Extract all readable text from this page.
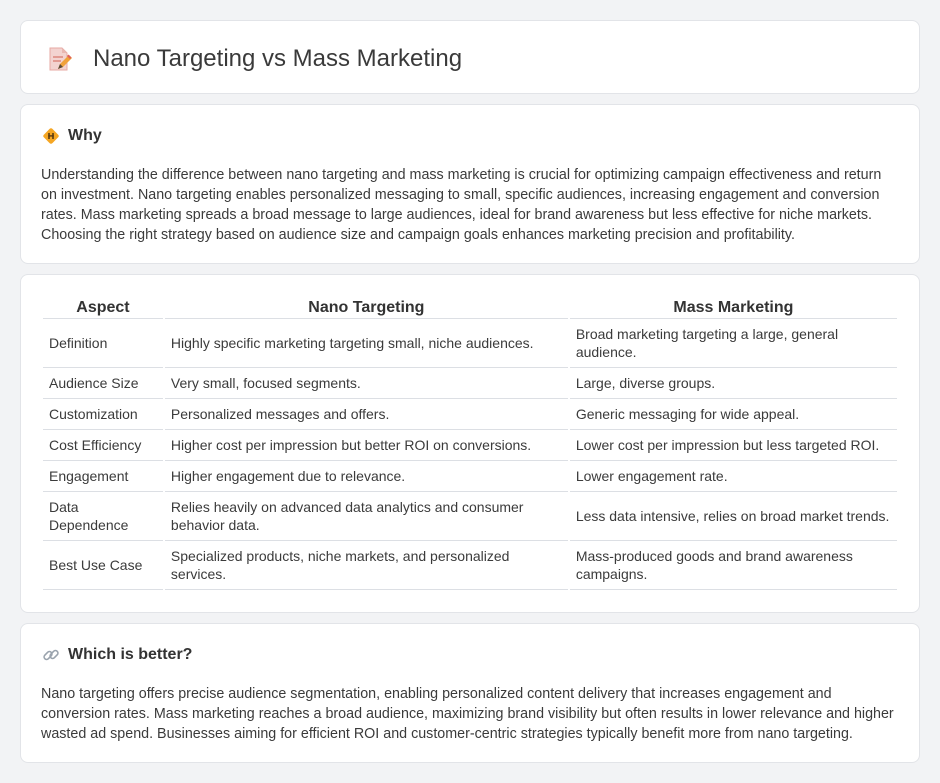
Nano Targeting vs Mass Marketing
Why

Understanding the difference between nano targeting and mass marketing is crucial for optimizing campaign effectiveness and return on investment. Nano targeting enables personalized messaging to small, specific audiences, increasing engagement and conversion rates. Mass marketing spreads a broad message to large audiences, ideal for brand awareness but less effective for niche markets. Choosing the right strategy based on audience size and campaign goals enhances marketing precision and profitability.

Aspect	Nano Targeting	Mass Marketing
Definition	Highly specific marketing targeting small, niche audiences.	Broad marketing targeting a large, general audience.
Audience Size	Very small, focused segments.	Large, diverse groups.
Customization	Personalized messages and offers.	Generic messaging for wide appeal.
Cost Efficiency	Higher cost per impression but better ROI on conversions.	Lower cost per impression but less targeted ROI.
Engagement	Higher engagement due to relevance.	Lower engagement rate.
Data Dependence	Relies heavily on advanced data analytics and consumer behavior data.	Less data intensive, relies on broad market trends.
Best Use Case	Specialized products, niche markets, and personalized services.	Mass-produced goods and brand awareness campaigns.
Which is better?

Nano targeting offers precise audience segmentation, enabling personalized content delivery that increases engagement and conversion rates. Mass marketing reaches a broad audience, maximizing brand visibility but often results in lower relevance and higher wasted ad spend. Businesses aiming for efficient ROI and customer-centric strategies typically benefit more from nano targeting.
